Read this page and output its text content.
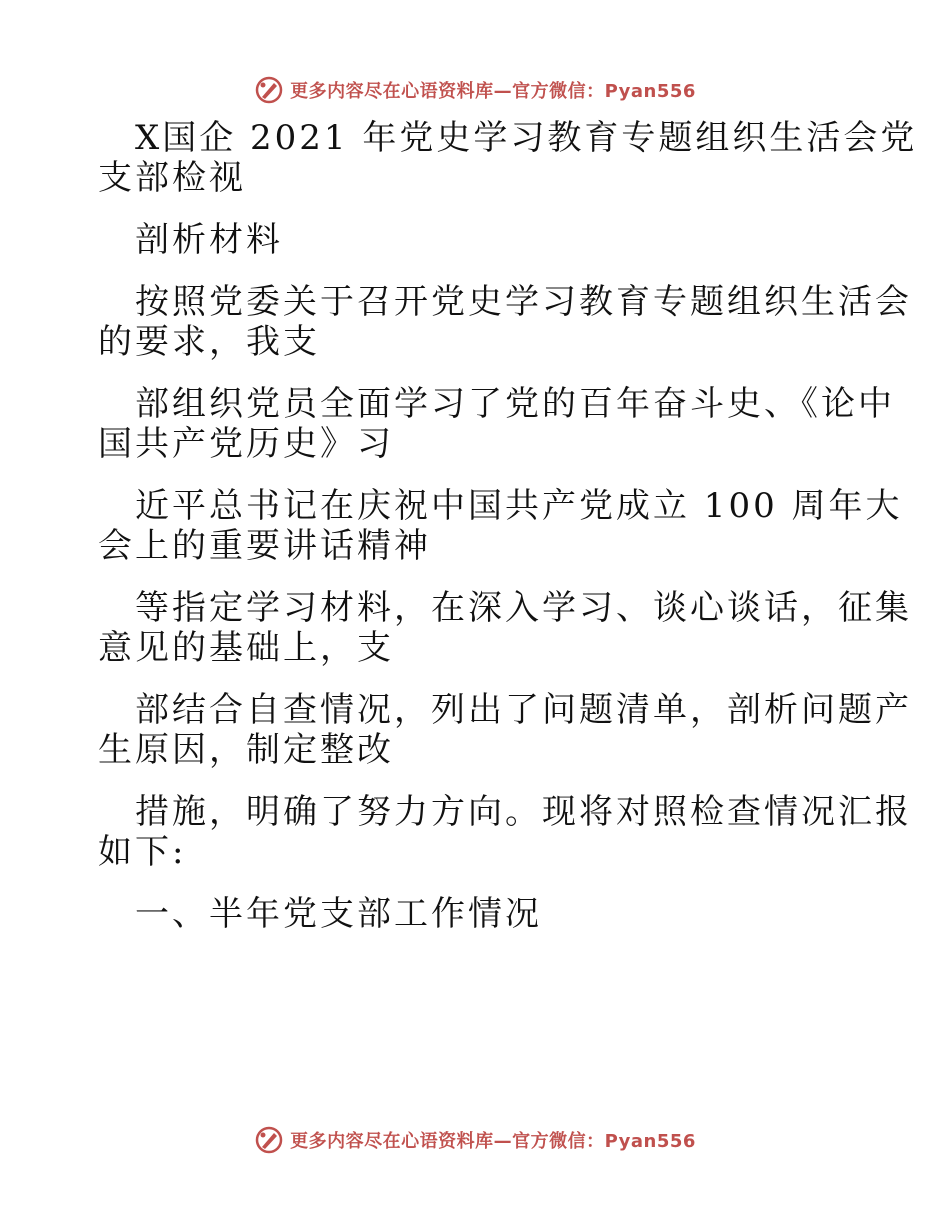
更多内容尽在心语资料库—官方微信：Pyan556
X国企 2021 年党史学习教育专题组织生活会党
支部检视
剖析材料
按照党委关于召开党史学习教育专题组织生活会
的要求，我支
部组织党员全面学习了党的百年奋斗史、《论中
国共产党历史》习
近平总书记在庆祝中国共产党成立 100 周年大
会上的重要讲话精神
等指定学习材料，在深入学习、谈心谈话，征集
意见的基础上，支
部结合自查情况，列出了问题清单，剖析问题产
生原因，制定整改
措施，明确了努力方向。现将对照检查情况汇报
如下:
一、半年党支部工作情况
更多内容尽在心语资料库—官方微信：Pyan556
